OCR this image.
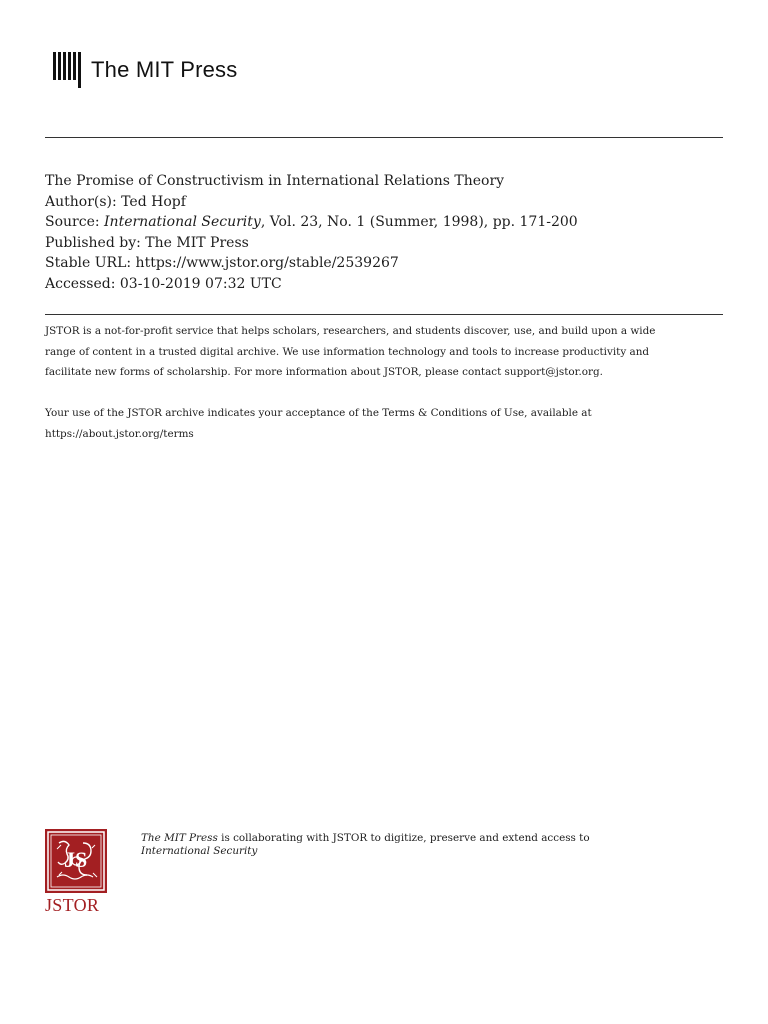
The MIT Press
The Promise of Constructivism in International Relations Theory
Author(s): Ted Hopf
Source: International Security, Vol. 23, No. 1 (Summer, 1998), pp. 171-200
Published by: The MIT Press
Stable URL: https://www.jstor.org/stable/2539267
Accessed: 03-10-2019 07:32 UTC
JSTOR is a not-for-profit service that helps scholars, researchers, and students discover, use, and build upon a wide
range of content in a trusted digital archive. We use information technology and tools to increase productivity and
facilitate new forms of scholarship. For more information about JSTOR, please contact support@jstor.org.
Your use of the JSTOR archive indicates your acceptance of the Terms & Conditions of Use, available at
https://about.jstor.org/terms
JS
JSTOR
The MIT Press is collaborating with JSTOR to digitize, preserve and extend access to
International Security
